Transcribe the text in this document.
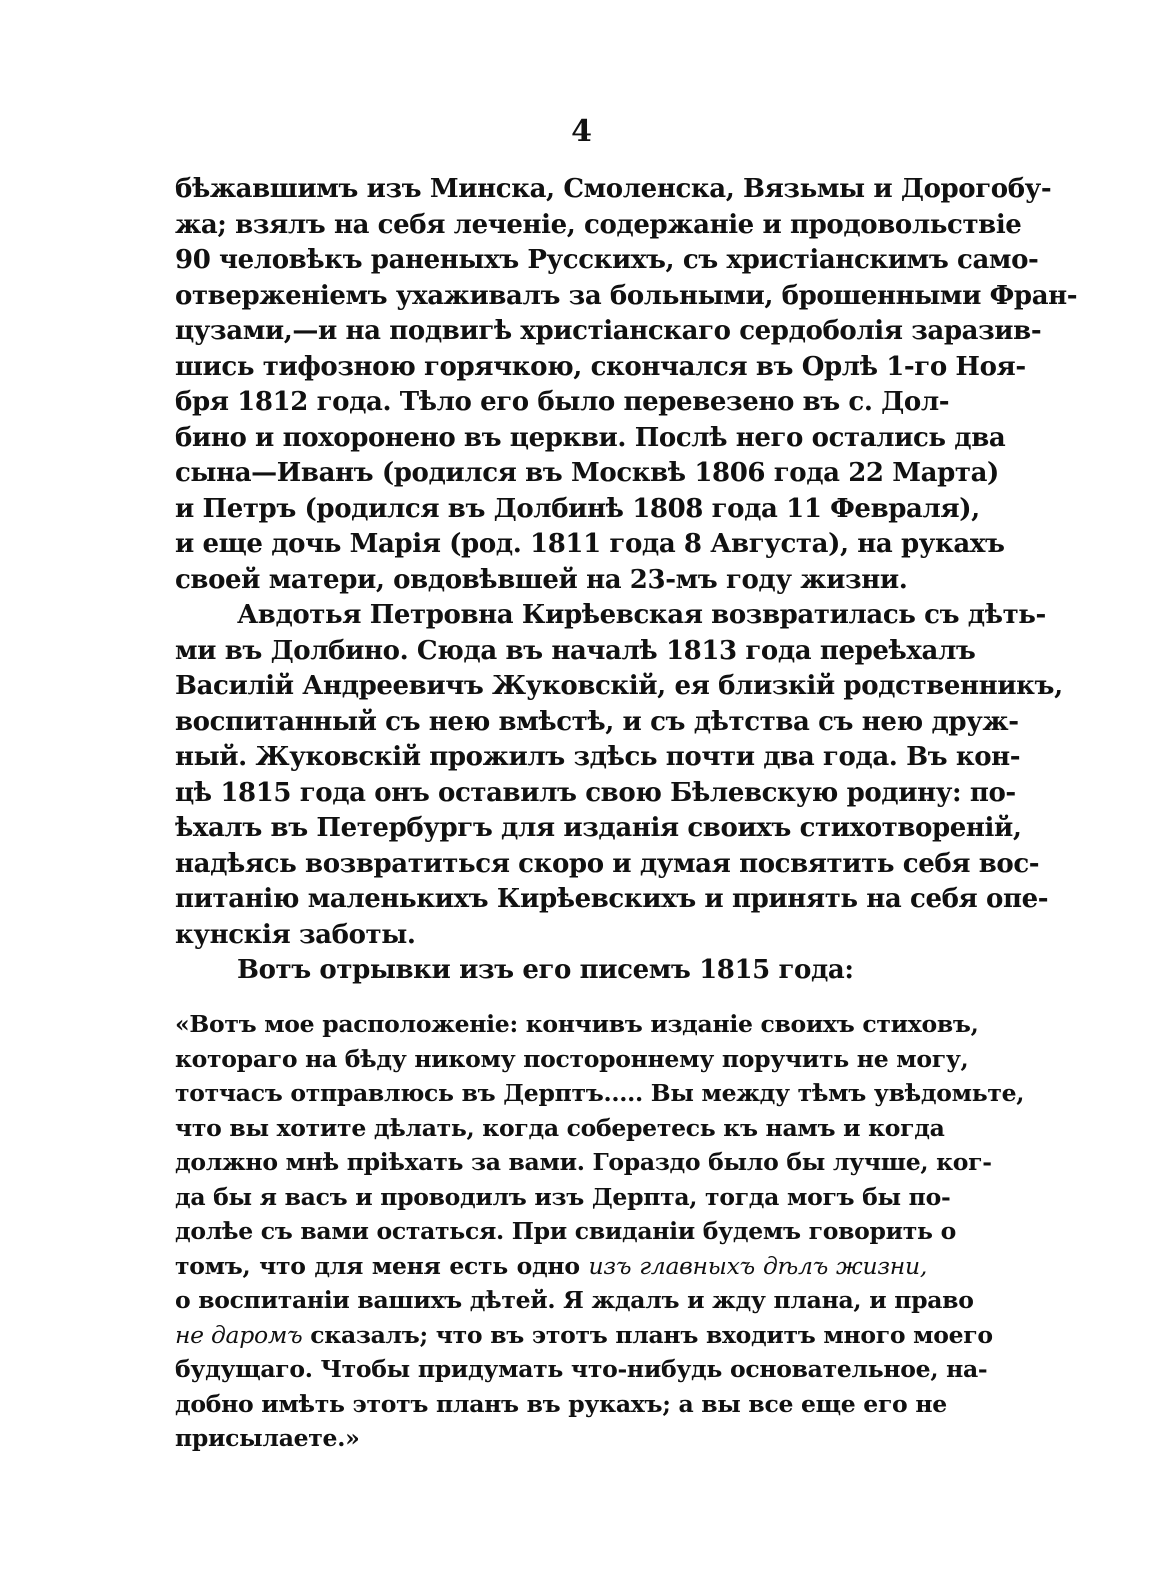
4
бѣжавшимъ изъ Минска, Смоленска, Вязьмы и Дорогобу-
жа; взялъ на себя леченіе, содержаніе и продовольствіе
90 человѣкъ раненыхъ Русскихъ, съ христіанскимъ само-
отверженіемъ ухаживалъ за больными, брошенными Фран-
цузами,—и на подвигѣ христіанскаго сердоболія заразив-
шись тифозною горячкою, скончался въ Орлѣ 1-го Ноя-
бря 1812 года. Тѣло его было перевезено въ с. Дол-
бино и похоронено въ церкви. Послѣ него остались два
сына—Иванъ (родился въ Москвѣ 1806 года 22 Марта)
и Петръ (родился въ Долбинѣ 1808 года 11 Февраля),
и еще дочь Марія (род. 1811 года 8 Августа), на рукахъ
своей матери, овдовѣвшей на 23-мъ году жизни.
Авдотья Петровна Кирѣевская возвратилась съ дѣть-
ми въ Долбино. Сюда въ началѣ 1813 года переѣхалъ
Василій Андреевичъ Жуковскій, ея близкій родственникъ,
воспитанный съ нею вмѣстѣ, и съ дѣтства съ нею друж-
ный. Жуковскій прожилъ здѣсь почти два года. Въ кон-
цѣ 1815 года онъ оставилъ свою Бѣлевскую родину: по-
ѣхалъ въ Петербургъ для изданія своихъ стихотвореній,
надѣясь возвратиться скоро и думая посвятить себя вос-
питанію маленькихъ Кирѣевскихъ и принять на себя опе-
кунскія заботы.
Вотъ отрывки изъ его писемъ 1815 года:
«Вотъ мое расположеніе: кончивъ изданіе своихъ стиховъ,
котораго на бѣду никому постороннему поручить не могу,
тотчасъ отправлюсь въ Дерптъ..... Вы между тѣмъ увѣдомьте,
что вы хотите дѣлать, когда соберетесь къ намъ и когда
должно мнѣ пріѣхать за вами. Гораздо было бы лучше, ког-
да бы я васъ и проводилъ изъ Дерпта, тогда могъ бы по-
долѣе съ вами остаться. При свиданіи будемъ говорить о
томъ, что для меня есть одно изъ главныхъ дѣлъ жизни,
о воспитаніи вашихъ дѣтей. Я ждалъ и жду плана, и право
не даромъ сказалъ; что въ этотъ планъ входитъ много моего
будущаго. Чтобы придумать что-нибудь основательное, на-
добно имѣть этотъ планъ въ рукахъ; а вы все еще его не
присылаете.»
